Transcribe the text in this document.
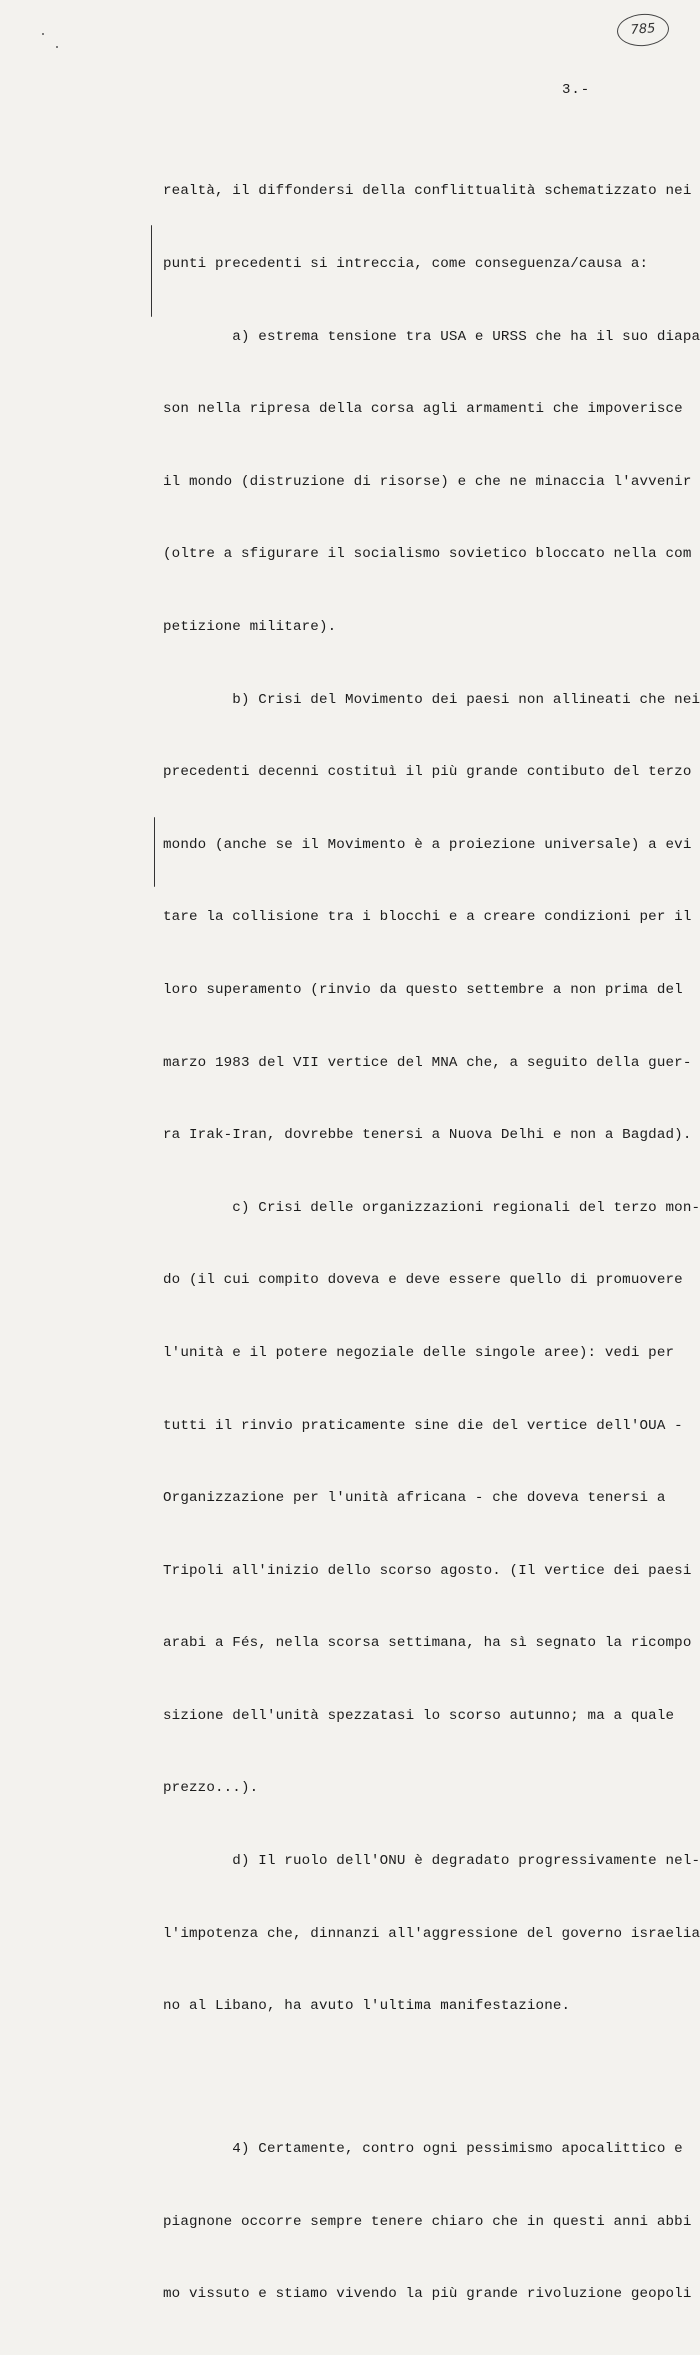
785
3.-

realtà, il diffondersi della conflittualità schematizzato nei

punti precedenti si intreccia, come conseguenza/causa a:

a) estrema tensione tra USA e URSS che ha il suo diapa

son nella ripresa della corsa agli armamenti che impoverisce

il mondo (distruzione di risorse) e che ne minaccia l'avvenir

(oltre a sfigurare il socialismo sovietico bloccato nella com

petizione militare).

b) Crisi del Movimento dei paesi non allineati che nei

precedenti decenni costituì il più grande contibuto del terzo

mondo (anche se il Movimento è a proiezione universale) a evi

tare la collisione tra i blocchi e a creare condizioni per il

loro superamento (rinvio da questo settembre a non prima del

marzo 1983 del VII vertice del MNA che, a seguito della guer-

ra Irak-Iran, dovrebbe tenersi a Nuova Delhi e non a Bagdad).

c) Crisi delle organizzazioni regionali del terzo mon-

do (il cui compito doveva e deve essere quello di promuovere

l'unità e il potere negoziale delle singole aree): vedi per

tutti il rinvio praticamente sine die del vertice dell'OUA -

Organizzazione per l'unità africana - che doveva tenersi a

Tripoli all'inizio dello scorso agosto. (Il vertice dei paesi

arabi a Fés, nella scorsa settimana, ha sì segnato la ricompo

sizione dell'unità spezzatasi lo scorso autunno; ma a quale

prezzo...).

d) Il ruolo dell'ONU è degradato progressivamente nel-

l'impotenza che, dinnanzi all'aggressione del governo israelia

no al Libano, ha avuto l'ultima manifestazione.

4) Certamente, contro ogni pessimismo apocalittico e

piagnone occorre sempre tenere chiaro che in questi anni abbi

mo vissuto e stiamo vivendo la più grande rivoluzione geopoli
